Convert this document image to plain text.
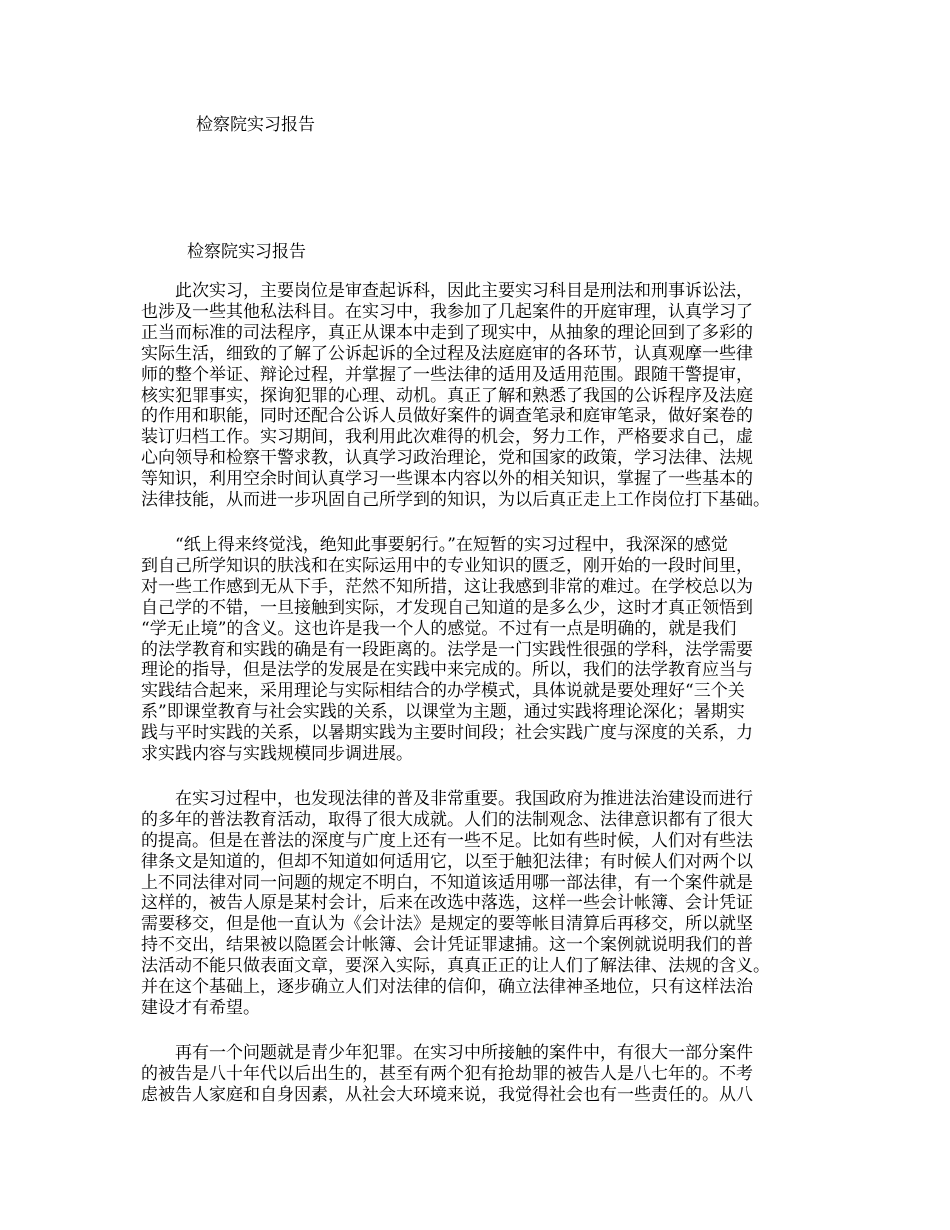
检察院实习报告
检察院实习报告

　　此次实习，主要岗位是审查起诉科，因此主要实习科目是刑法和刑事诉讼法，
也涉及一些其他私法科目。在实习中，我参加了几起案件的开庭审理，认真学习了
正当而标准的司法程序，真正从课本中走到了现实中，从抽象的理论回到了多彩的
实际生活，细致的了解了公诉起诉的全过程及法庭庭审的各环节，认真观摩一些律
师的整个举证、辩论过程，并掌握了一些法律的适用及适用范围。跟随干警提审，
核实犯罪事实，探询犯罪的心理、动机。真正了解和熟悉了我国的公诉程序及法庭
的作用和职能，同时还配合公诉人员做好案件的调查笔录和庭审笔录，做好案卷的
装订归档工作。实习期间，我利用此次难得的机会，努力工作，严格要求自己，虚
心向领导和检察干警求教，认真学习政治理论，党和国家的政策，学习法律、法规
等知识，利用空余时间认真学习一些课本内容以外的相关知识，掌握了一些基本的
法律技能，从而进一步巩固自己所学到的知识，为以后真正走上工作岗位打下基础。

　　“纸上得来终觉浅，绝知此事要躬行。”在短暂的实习过程中，我深深的感觉
到自己所学知识的肤浅和在实际运用中的专业知识的匮乏，刚开始的一段时间里，
对一些工作感到无从下手，茫然不知所措，这让我感到非常的难过。在学校总以为
自己学的不错，一旦接触到实际，才发现自己知道的是多么少，这时才真正领悟到
“学无止境”的含义。这也许是我一个人的感觉。不过有一点是明确的，就是我们
的法学教育和实践的确是有一段距离的。法学是一门实践性很强的学科，法学需要
理论的指导，但是法学的发展是在实践中来完成的。所以，我们的法学教育应当与
实践结合起来，采用理论与实际相结合的办学模式，具体说就是要处理好“三个关
系”即课堂教育与社会实践的关系，以课堂为主题，通过实践将理论深化；暑期实
践与平时实践的关系，以暑期实践为主要时间段；社会实践广度与深度的关系，力
求实践内容与实践规模同步调进展。

　　在实习过程中，也发现法律的普及非常重要。我国政府为推进法治建设而进行
的多年的普法教育活动，取得了很大成就。人们的法制观念、法律意识都有了很大
的提高。但是在普法的深度与广度上还有一些不足。比如有些时候，人们对有些法
律条文是知道的，但却不知道如何适用它，以至于触犯法律；有时候人们对两个以
上不同法律对同一问题的规定不明白，不知道该适用哪一部法律，有一个案件就是
这样的，被告人原是某村会计，后来在改选中落选，这样一些会计帐簿、会计凭证
需要移交，但是他一直认为《会计法》是规定的要等帐目清算后再移交，所以就坚
持不交出，结果被以隐匿会计帐簿、会计凭证罪逮捕。这一个案例就说明我们的普
法活动不能只做表面文章，要深入实际，真真正正的让人们了解法律、法规的含义。
并在这个基础上，逐步确立人们对法律的信仰，确立法律神圣地位，只有这样法治
建设才有希望。

　　再有一个问题就是青少年犯罪。在实习中所接触的案件中，有很大一部分案件
的被告是八十年代以后出生的，甚至有两个犯有抢劫罪的被告人是八七年的。不考
虑被告人家庭和自身因素，从社会大环境来说，我觉得社会也有一些责任的。从八
